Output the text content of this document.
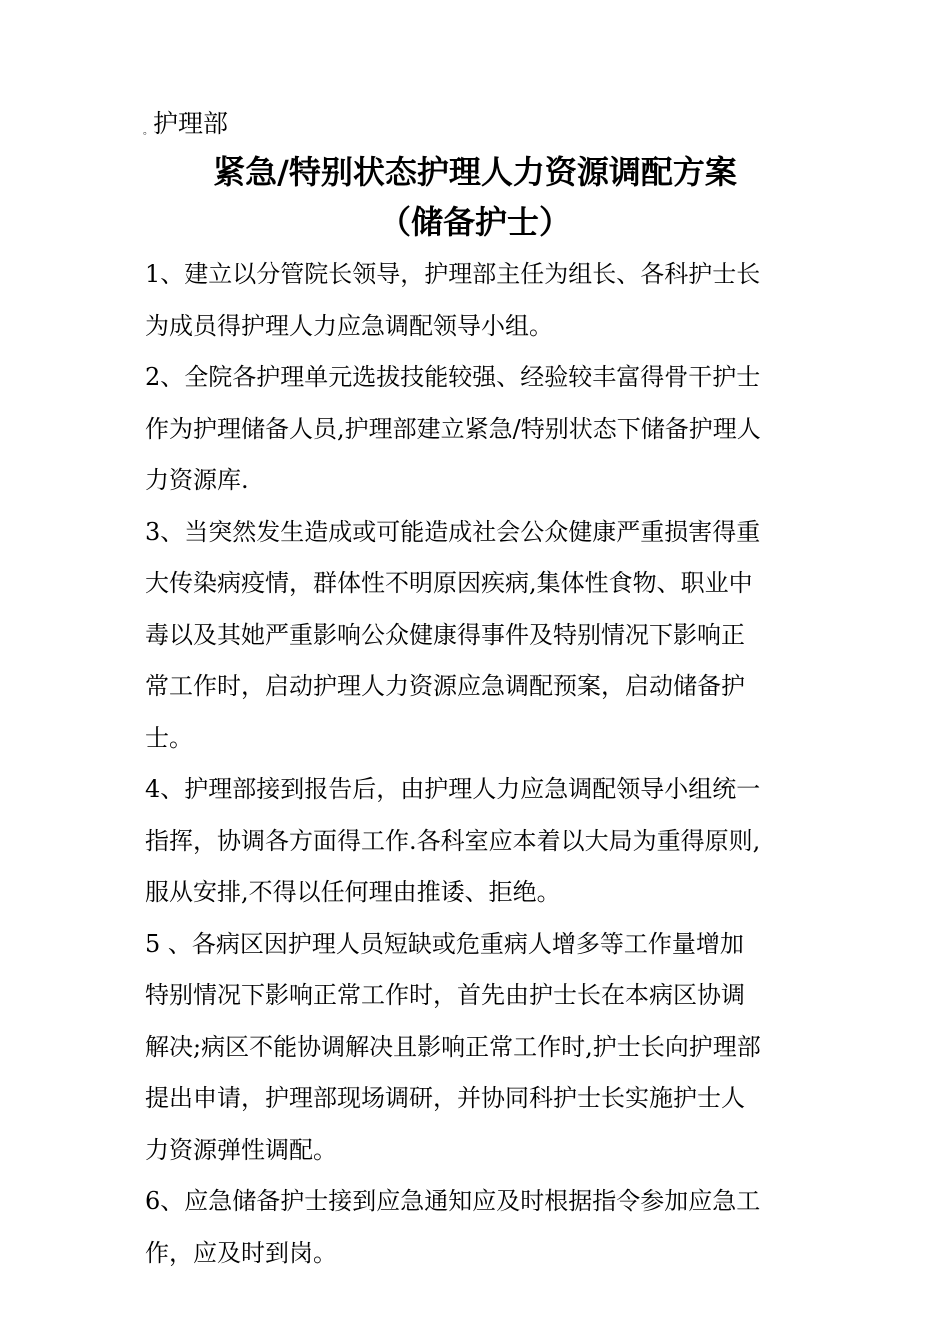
。护理部
紧急/特别状态护理人力资源调配方案
（储备护士）
1、建立以分管院长领导，护理部主任为组长、各科护士长
为成员得护理人力应急调配领导小组。
2、全院各护理单元选拔技能较强、经验较丰富得骨干护士
作为护理储备人员,护理部建立紧急/特别状态下储备护理人
力资源库.
3、当突然发生造成或可能造成社会公众健康严重损害得重
大传染病疫情，群体性不明原因疾病,集体性食物、职业中
毒以及其她严重影响公众健康得事件及特别情况下影响正
常工作时，启动护理人力资源应急调配预案，启动储备护
士。
4、护理部接到报告后，由护理人力应急调配领导小组统一
指挥，协调各方面得工作.各科室应本着以大局为重得原则,
服从安排,不得以任何理由推诿、拒绝。
5 、各病区因护理人员短缺或危重病人增多等工作量增加
特别情况下影响正常工作时，首先由护士长在本病区协调
解决;病区不能协调解决且影响正常工作时,护士长向护理部
提出申请，护理部现场调研，并协同科护士长实施护士人
力资源弹性调配。
6、应急储备护士接到应急通知应及时根据指令参加应急工
作，应及时到岗。
